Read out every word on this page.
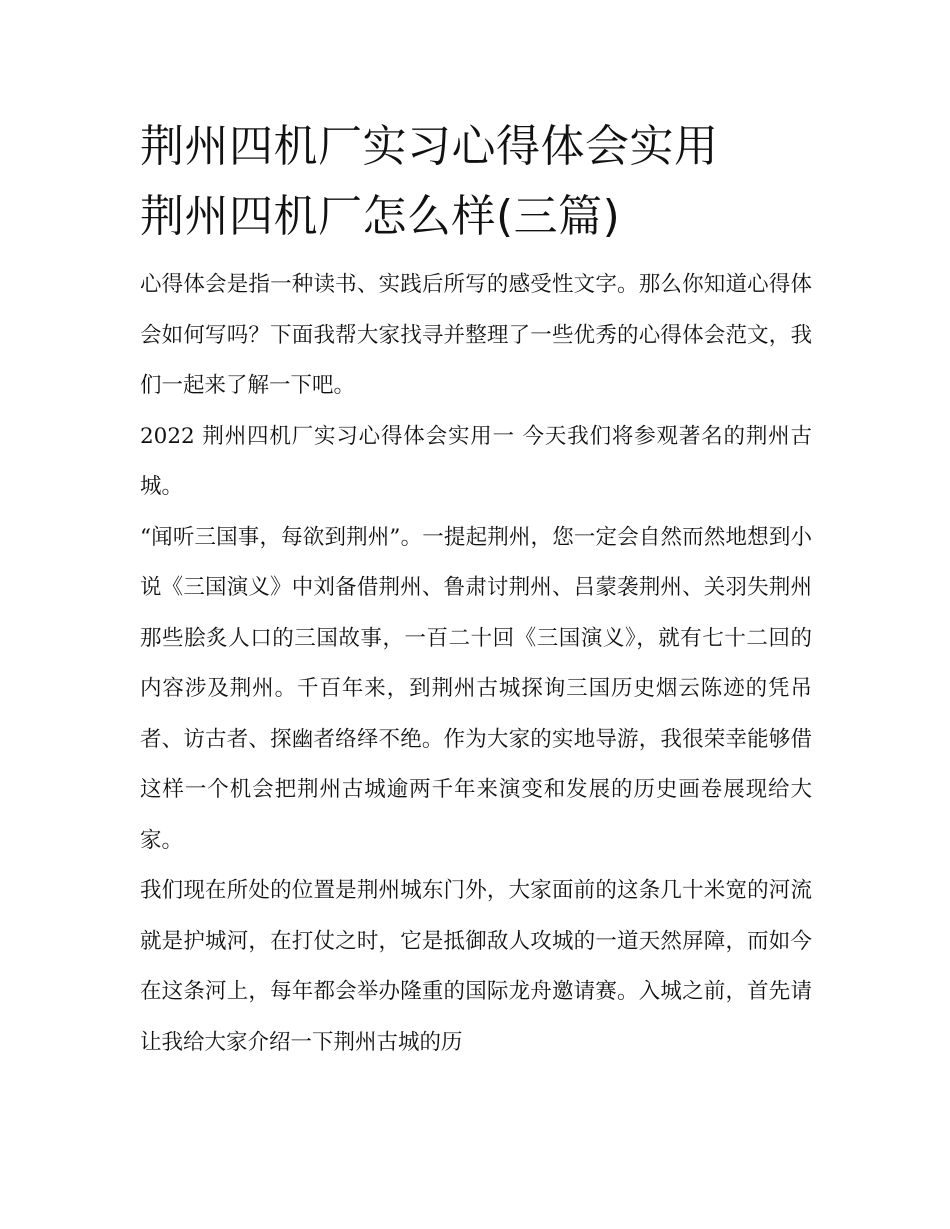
荆州四机厂实习心得体会实用
荆州四机厂怎么样(三篇)

心得体会是指一种读书、实践后所写的感受性文字。那么你知道心得体会如何写吗？下面我帮大家找寻并整理了一些优秀的心得体会范文，我们一起来了解一下吧。

2022 荆州四机厂实习心得体会实用一 今天我们将参观著名的荆州古城。

“闻听三国事，每欲到荆州”。一提起荆州，您一定会自然而然地想到小说《三国演义》中刘备借荆州、鲁肃讨荆州、吕蒙袭荆州、关羽失荆州那些脍炙人口的三国故事，一百二十回《三国演义》，就有七十二回的内容涉及荆州。千百年来，到荆州古城探询三国历史烟云陈迹的凭吊者、访古者、探幽者络绎不绝。作为大家的实地导游，我很荣幸能够借这样一个机会把荆州古城逾两千年来演变和发展的历史画卷展现给大家。

我们现在所处的位置是荆州城东门外，大家面前的这条几十米宽的河流就是护城河，在打仗之时，它是抵御敌人攻城的一道天然屏障，而如今在这条河上，每年都会举办隆重的国际龙舟邀请赛。入城之前，首先请让我给大家介绍一下荆州古城的历
